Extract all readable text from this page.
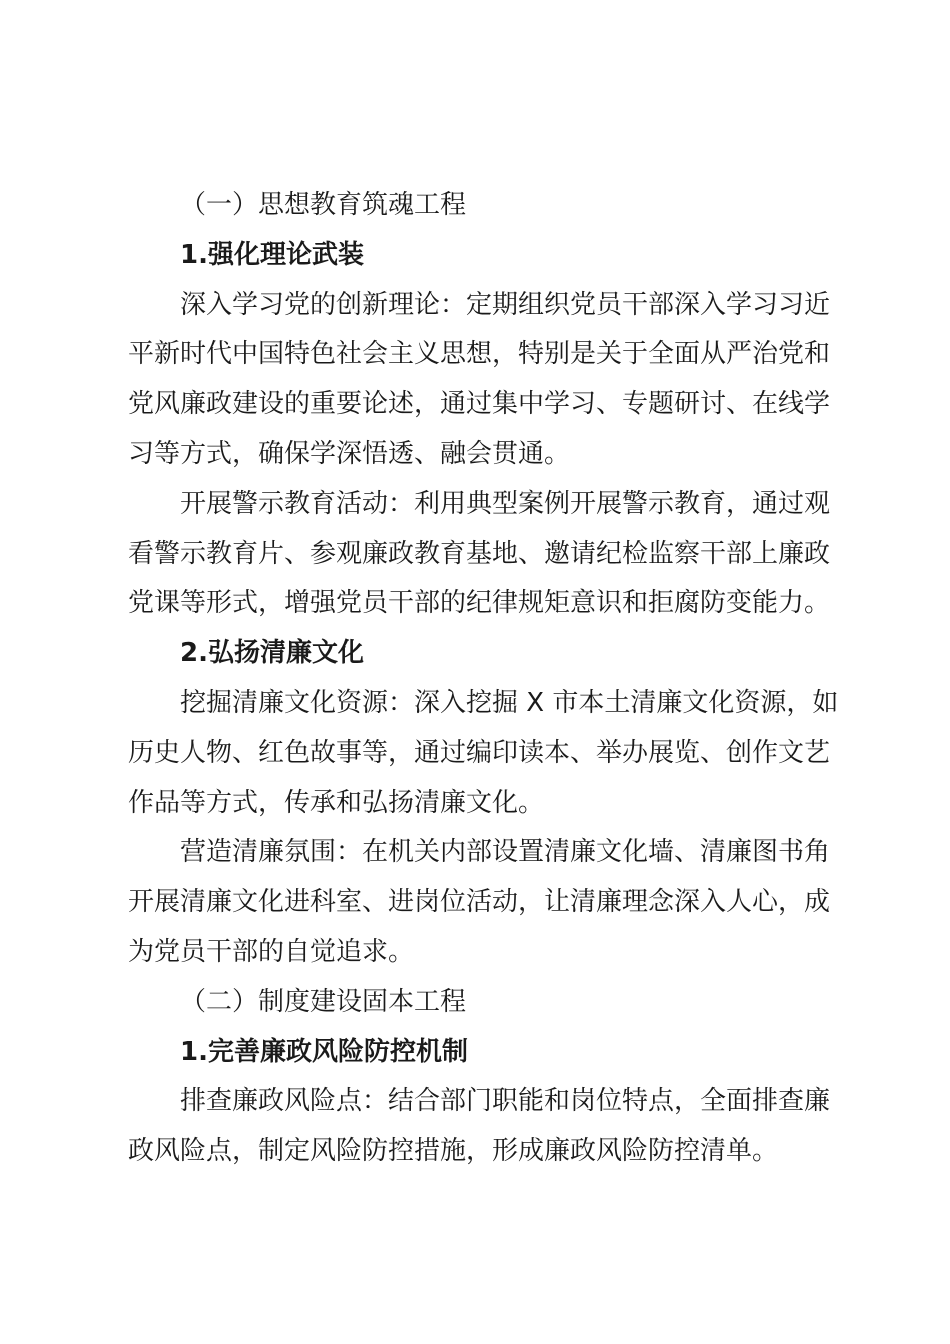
（一）思想教育筑魂工程
1.强化理论武装
深入学习党的创新理论：定期组织党员干部深入学习习近
平新时代中国特色社会主义思想，特别是关于全面从严治党和
党风廉政建设的重要论述，通过集中学习、专题研讨、在线学
习等方式，确保学深悟透、融会贯通。
开展警示教育活动：利用典型案例开展警示教育，通过观
看警示教育片、参观廉政教育基地、邀请纪检监察干部上廉政
党课等形式，增强党员干部的纪律规矩意识和拒腐防变能力。
2.弘扬清廉文化
挖掘清廉文化资源：深入挖掘 X 市本土清廉文化资源，如
历史人物、红色故事等，通过编印读本、举办展览、创作文艺
作品等方式，传承和弘扬清廉文化。
营造清廉氛围：在机关内部设置清廉文化墙、清廉图书角
开展清廉文化进科室、进岗位活动，让清廉理念深入人心，成
为党员干部的自觉追求。
（二）制度建设固本工程
1.完善廉政风险防控机制
排查廉政风险点：结合部门职能和岗位特点，全面排查廉
政风险点，制定风险防控措施，形成廉政风险防控清单。
